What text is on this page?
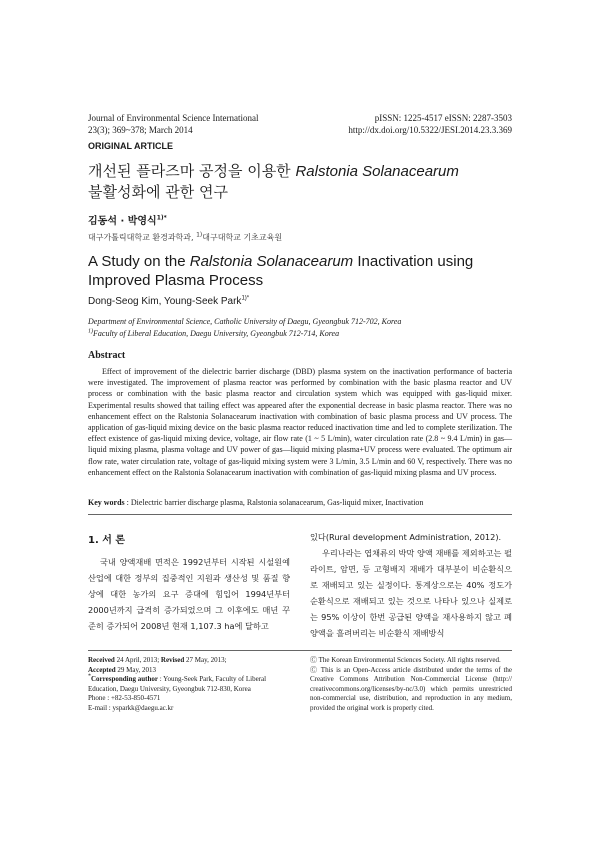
Journal of Environmental Science International
23(3); 369~378; March 2014
pISSN: 1225-4517 eISSN: 2287-3503
http://dx.doi.org/10.5322/JESI.2014.23.3.369
ORIGINAL ARTICLE
개선된 플라즈마 공정을 이용한 Ralstonia Solanacearum
불활성화에 관한 연구
김동석 · 박영식$^{1)*}$
대구가톨릭대학교 환경과학과, $^{1)}$대구대학교 기초교육원
A Study on the Ralstonia Solanacearum Inactivation using Improved Plasma Process
Dong-Seog Kim, Young-Seek Park$^{1)*}$
Department of Environmental Science, Catholic University of Daegu, Gyeongbuk 712-702, Korea
$^{1)}$Faculty of Liberal Education, Daegu University, Gyeongbuk 712-714, Korea
Abstract
Effect of improvement of the dielectric barrier discharge (DBD) plasma system on the inactivation performance of bacteria were investigated. The improvement of plasma reactor was performed by combination with the basic plasma reactor and UV process or combination with the basic plasma reactor and circulation system which was equipped with gas-liquid mixer. Experimental results showed that tailing effect was appeared after the exponential decrease in basic plasma reactor. There was no enhancement effect on the Ralstonia Solanacearum inactivation with combination of basic plasma process and UV process. The application of gas-liquid mixing device on the basic plasma reactor reduced inactivation time and led to complete sterilization. The effect existence of gas-liquid mixing device, voltage, air flow rate (1 ~ 5 L/min), water circulation rate (2.8 ~ 9.4 L/min) in gas—liquid mixing plasma, plasma voltage and UV power of gas—liquid mixing plasma+UV process were evaluated. The optimum air flow rate, water circulation rate, voltage of gas-liquid mixing system were 3 L/min, 3.5 L/min and 60 V, respectively. There was no enhancement effect on the Ralstonia Solanacearum inactivation with combination of gas-liquid mixing plasma and UV process.
Key words : Dielectric barrier discharge plasma, Ralstonia solanacearum, Gas-liquid mixer, Inactivation
1. 서 론

국내 양액재배 면적은 1992년부터 시작된 시설원예 산업에 대한 정부의 집중적인 지원과 생산성 및 품질 향상에 대한 농가의 요구 증대에 힘입어 1994년부터 2000년까지 급격히 증가되었으며 그 이후에도 매년 꾸준히 증가되어 2008년 현재 1,107.3 ha에 달하고

있다(Rural development Administration, 2012).

우리나라는 엽채류의 박막 양액 재배를 제외하고는 펄라이트, 암면, 등 고형배지 재배가 대부분이 비순환식으로 재배되고 있는 실정이다. 통계상으로는 40% 정도가 순환식으로 재배되고 있는 것으로 나타나 있으나 실제로는 95% 이상이 한번 공급된 양액을 재사용하지 않고 폐양액을 흘려버리는 비순환식 재배방식

Received 24 April, 2013; Revised 27 May, 2013;
Accepted 29 May, 2013
*Corresponding author : Young-Seek Park, Faculty of Liberal Education, Daegu University, Gyeongbuk 712-830, Korea
Phone : +82-53-850-4571
E-mail : ysparkk@daegu.ac.kr
Ⓒ The Korean Environmental Sciences Society. All rights reserved.
Ⓒ This is an Open-Access article distributed under the terms of the Creative Commons Attribution Non-Commercial License (http:// creativecommons.org/licenses/by-nc/3.0) which permits unrestricted non-commercial use, distribution, and reproduction in any medium, provided the original work is properly cited.
